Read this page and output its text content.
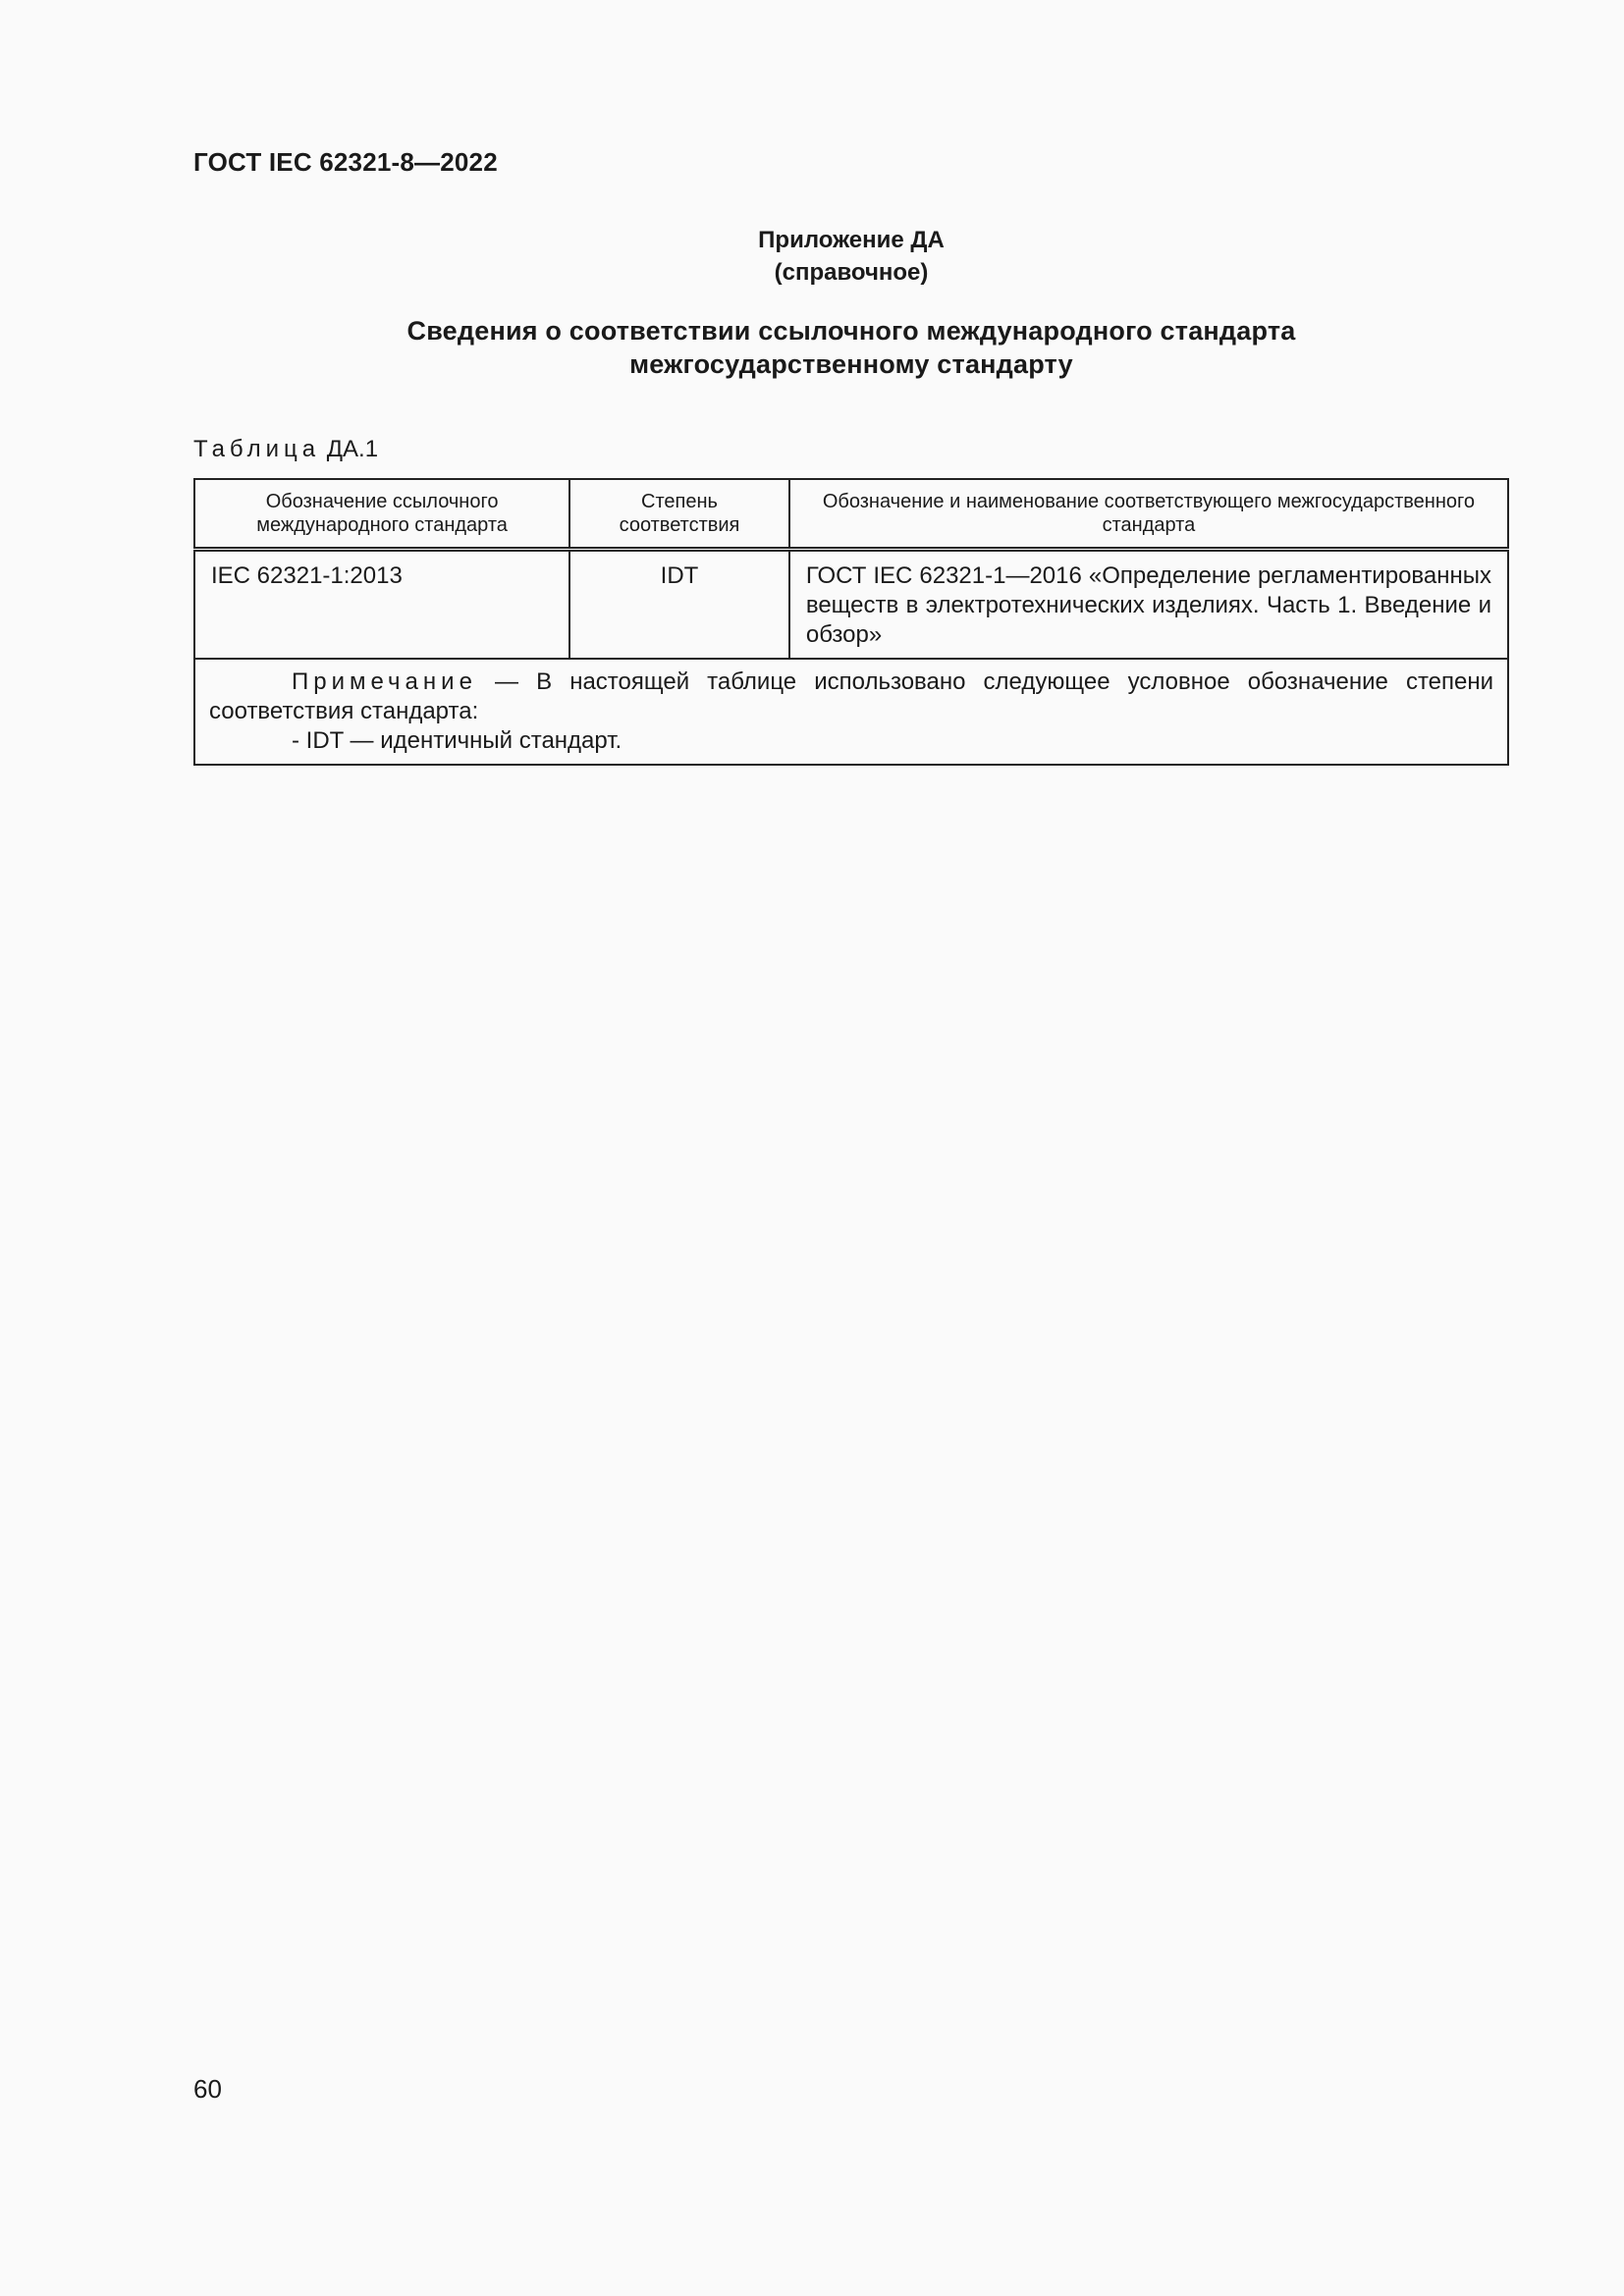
ГОСТ IEC 62321-8—2022
Приложение ДА
(справочное)
Сведения о соответствии ссылочного международного стандарта
межгосударственному стандарту
Таблица ДА.1
Обозначение ссылочного международного стандарта	Степень соответствия	Обозначение и наименование соответствующего межгосударственного стандарта
IEC 62321-1:2013	IDT	ГОСТ IEC 62321-1—2016 «Определение регламентированных веществ в электротехнических изделиях. Часть 1. Введение и обзор»

Примечание — В настоящей таблице использовано следующее условное обозначение степени соответствия стандарта:
- IDT — идентичный стандарт.		
60
